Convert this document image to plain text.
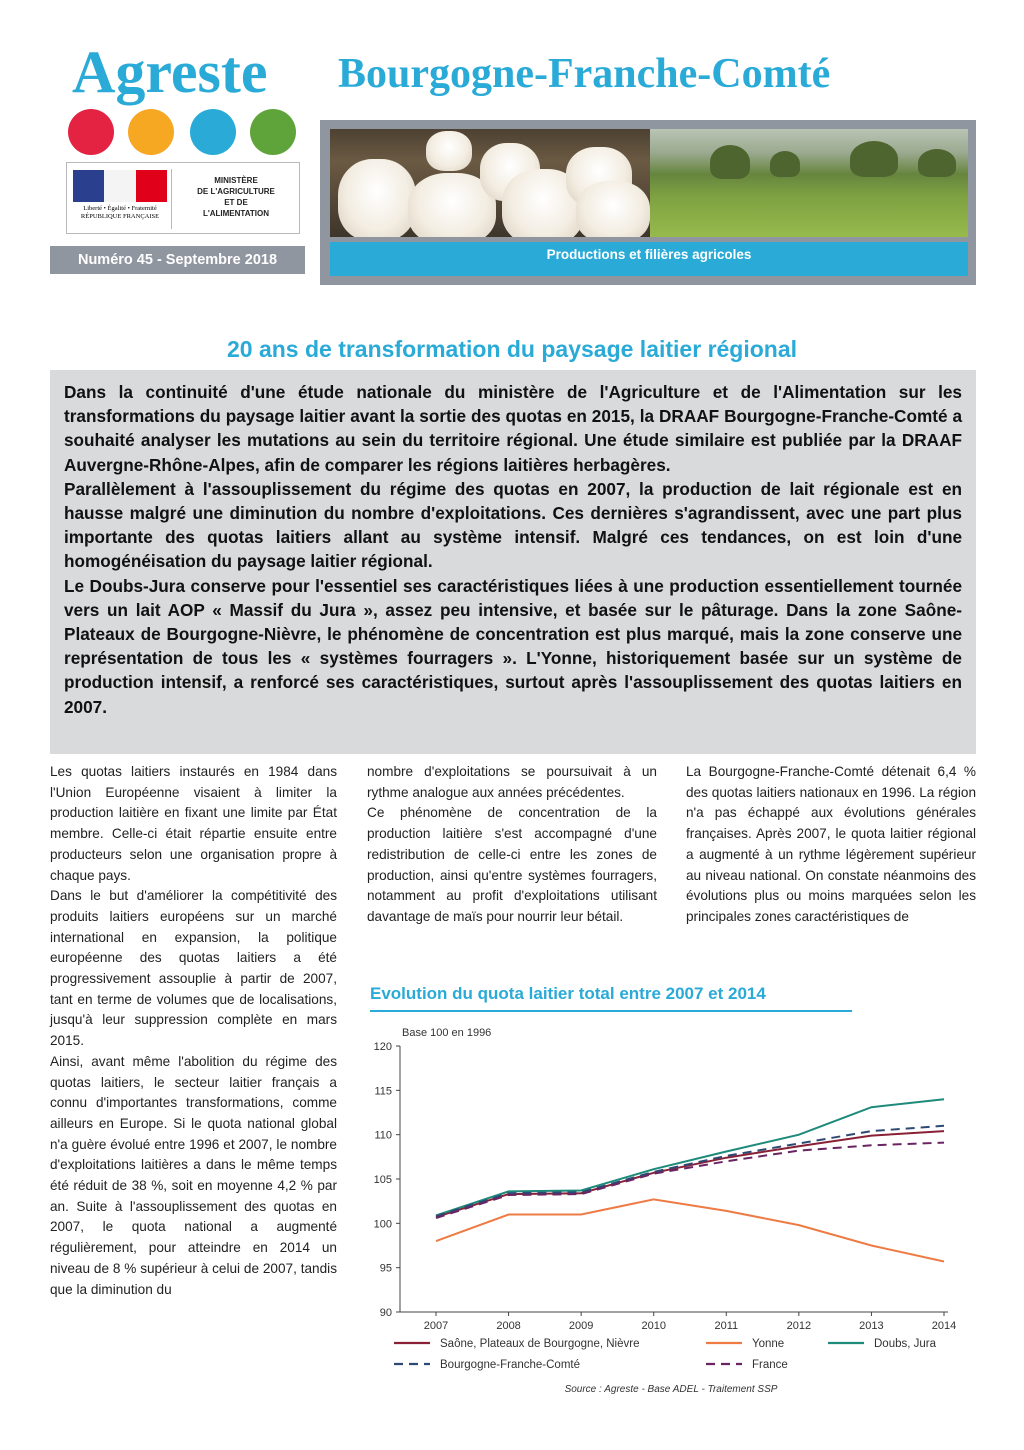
Agreste Bourgogne-Franche-Comté
Liberté • Égalité • Fraternité
RÉPUBLIQUE FRANÇAISE
MINISTÈRE
DE L'AGRICULTURE
ET DE
L'ALIMENTATION
Numéro 45 - Septembre 2018	Productions et filières agricoles
20 ans de transformation du paysage laitier régional

Dans la continuité d'une étude nationale du ministère de l'Agriculture et de l'Alimentation sur les transformations du paysage laitier avant la sortie des quotas en 2015, la DRAAF Bourgogne-Franche-Comté a souhaité analyser les mutations au sein du territoire régional. Une étude similaire est publiée par la DRAAF Auvergne-Rhône-Alpes, afin de comparer les régions laitières herbagères.

Parallèlement à l'assouplissement du régime des quotas en 2007, la production de lait régionale est en hausse malgré une diminution du nombre d'exploitations. Ces dernières s'agrandissent, avec une part plus importante des quotas laitiers allant au système intensif. Malgré ces tendances, on est loin d'une homogénéisation du paysage laitier régional.

Le Doubs-Jura conserve pour l'essentiel ses caractéristiques liées à une production essentiellement tournée vers un lait AOP « Massif du Jura », assez peu intensive, et basée sur le pâturage. Dans la zone Saône-Plateaux de Bourgogne-Nièvre, le phénomène de concentration est plus marqué, mais la zone conserve une représentation de tous les « systèmes fourragers ». L'Yonne, historiquement basée sur un système de production intensif, a renforcé ses caractéristiques, surtout après l'assouplissement des quotas laitiers en 2007.

Les quotas laitiers instaurés en 1984 dans l'Union Européenne visaient à limiter la production laitière en fixant une limite par État membre. Celle-ci était répartie ensuite entre producteurs selon une organisation propre à chaque pays.

Dans le but d'améliorer la compétitivité des produits laitiers européens sur un marché international en expansion, la politique européenne des quotas laitiers a été progressivement assouplie à partir de 2007, tant en terme de volumes que de localisations, jusqu'à leur suppression complète en mars 2015.

Ainsi, avant même l'abolition du régime des quotas laitiers, le secteur laitier français a connu d'importantes transformations, comme ailleurs en Europe. Si le quota national global n'a guère évolué entre 1996 et 2007, le nombre d'exploitations laitières a dans le même temps été réduit de 38 %, soit en moyenne 4,2 % par an. Suite à l'assouplissement des quotas en 2007, le quota national a augmenté régulièrement, pour atteindre en 2014 un niveau de 8 % supérieur à celui de 2007, tandis que la diminution du

nombre d'exploitations se poursuivait à un rythme analogue aux années précédentes.

Ce phénomène de concentration de la production laitière s'est accompagné d'une redistribution de celle-ci entre les zones de production, ainsi qu'entre systèmes fourragers, notamment au profit d'exploitations utilisant davantage de maïs pour nourrir leur bétail.

La Bourgogne-Franche-Comté détenait 6,4 % des quotas laitiers nationaux en 1996. La région n'a pas échappé aux évolutions générales françaises. Après 2007, le quota laitier régional a augmenté à un rythme légèrement supérieur au niveau national. On constate néanmoins des évolutions plus ou moins marquées selon les principales zones caractéristiques de

Evolution du quota laitier total entre 2007 et 2014
Base 100 en 1996
90
95
100
105
110
115
120
2007	2008	2009	2010	2011	2012	2013	2014
Saône, Plateaux de Bourgogne, Nièvre	Yonne	Doubs, Jura
Bourgogne-Franche-Comté	France
Source : Agreste - Base ADEL - Traitement SSP
